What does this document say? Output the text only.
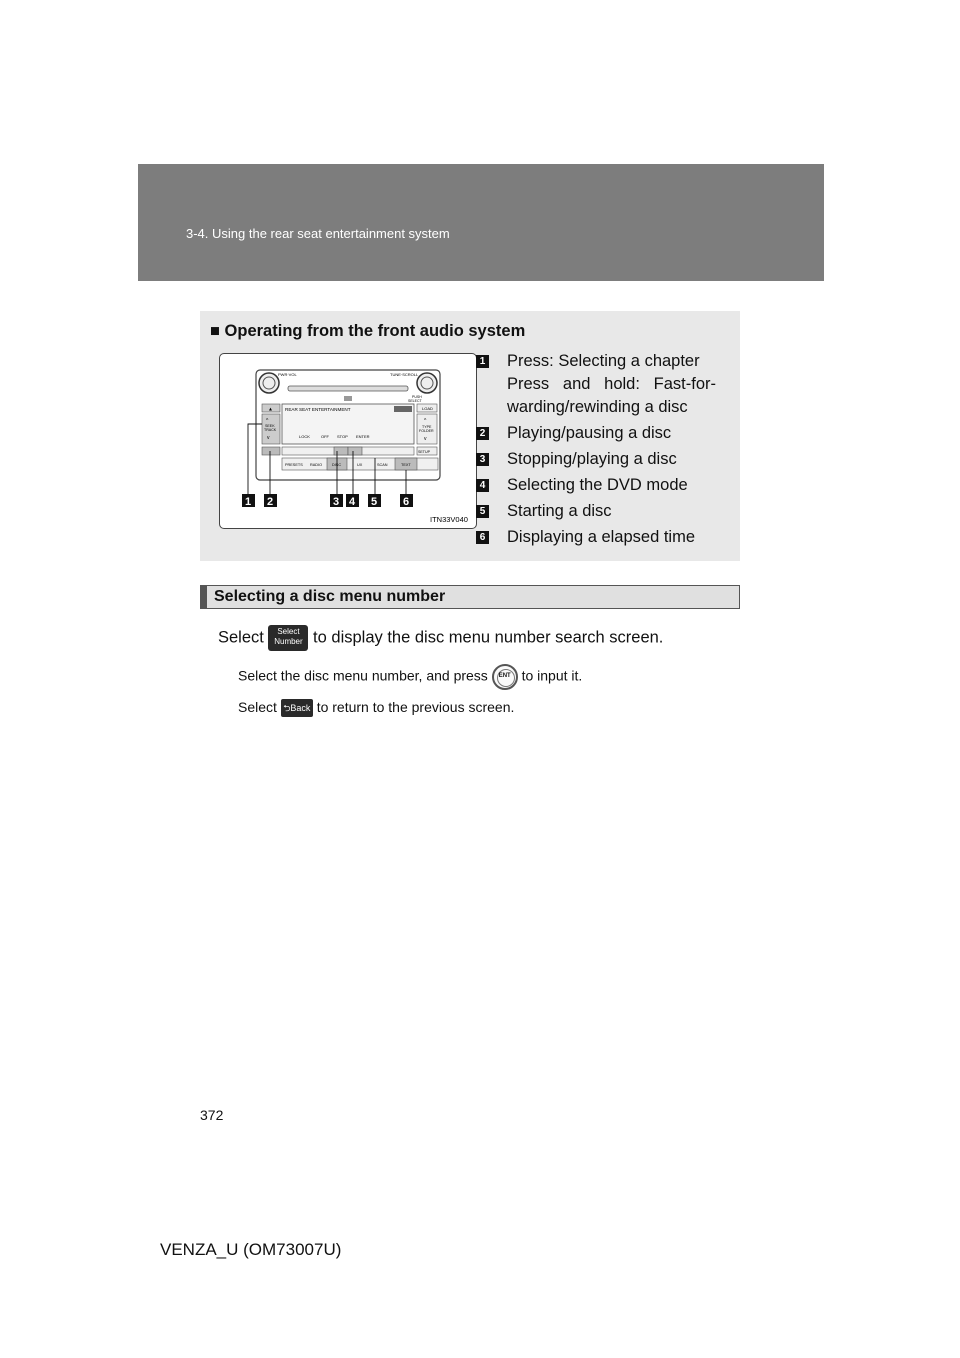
3-4. Using the rear seat entertainment system
■ Operating from the front audio system
PWR·VOL	TUNE·SCROLL
PUSH
SELECT
▲	LOAD
REAR SEAT ENTERTAINMENT
LOCK	OFF STOP ENTER
^
SEEK
TRACK
v
^
TYPE
FOLDER
v
SETUP
PRESETS RADIO	DISC	UX	SCAN	TEXT
1 2	3 4 5 6
ITN33V040
1 Press: Selecting a chapter
Press and hold: Fast-for-
warding/rewinding a disc
2 Playing/pausing a disc
3 Stopping/playing a disc
4 Selecting the DVD mode
5 Starting a disc
6 Displaying a elapsed time
Selecting a disc menu number
Select Select
Number to display the disc menu number search screen.
Select the disc menu number, and press	ENT to input it.
Select ⮌Back to return to the previous screen.
372
VENZA_U (OM73007U)
